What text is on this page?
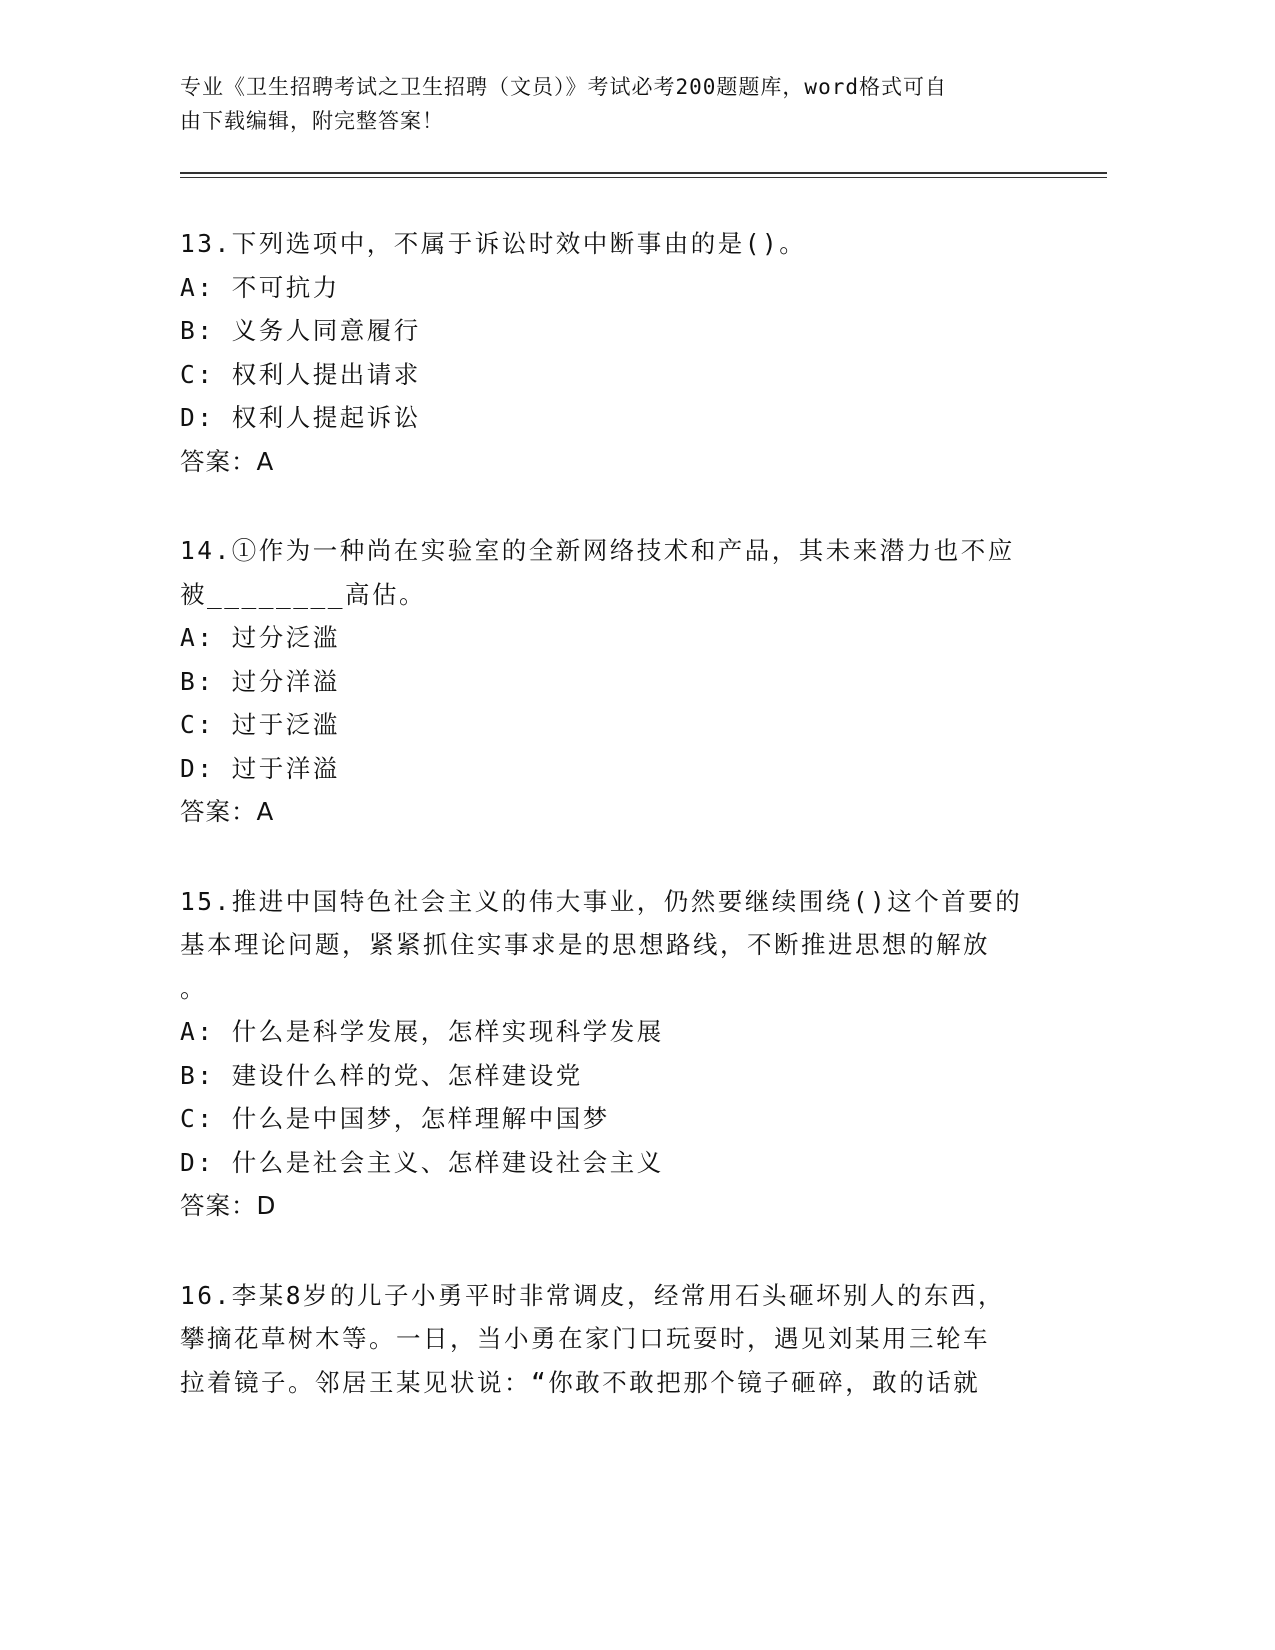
专业《卫生招聘考试之卫生招聘（文员）》考试必考200题题库，word格式可自
由下载编辑，附完整答案！
13.下列选项中，不属于诉讼时效中断事由的是()。
A: 不可抗力
B: 义务人同意履行
C: 权利人提出请求
D: 权利人提起诉讼
答案：A
14.①作为一种尚在实验室的全新网络技术和产品，其未来潜力也不应
被________高估。
A: 过分泛滥
B: 过分洋溢
C: 过于泛滥
D: 过于洋溢
答案：A
15.推进中国特色社会主义的伟大事业，仍然要继续围绕()这个首要的
基本理论问题，紧紧抓住实事求是的思想路线，不断推进思想的解放
。
A: 什么是科学发展，怎样实现科学发展
B: 建设什么样的党、怎样建设党
C: 什么是中国梦，怎样理解中国梦
D: 什么是社会主义、怎样建设社会主义
答案：D
16.李某8岁的儿子小勇平时非常调皮，经常用石头砸坏别人的东西，
攀摘花草树木等。一日，当小勇在家门口玩耍时，遇见刘某用三轮车
拉着镜子。邻居王某见状说：“你敢不敢把那个镜子砸碎，敢的话就
